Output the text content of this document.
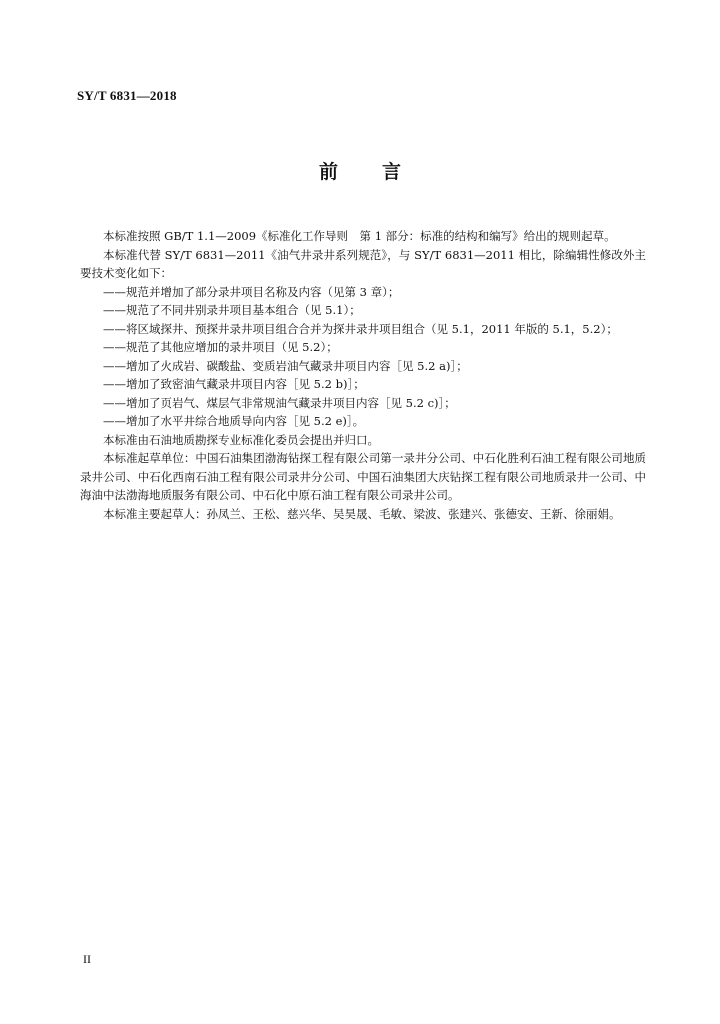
SY/T 6831—2018
前言

本标准按照 GB/T 1.1—2009《标准化工作导则　第 1 部分：标准的结构和编写》给出的规则起草。

本标准代替 SY/T 6831—2011《油气井录井系列规范》，与 SY/T 6831—2011 相比，除编辑性修改外主要技术变化如下：

——规范并增加了部分录井项目名称及内容（见第 3 章）；

——规范了不同井别录井项目基本组合（见 5.1）；

——将区域探井、预探井录井项目组合合并为探井录井项目组合（见 5.1，2011 年版的 5.1，5.2）；

——规范了其他应增加的录井项目（见 5.2）；

——增加了火成岩、碳酸盐、变质岩油气藏录井项目内容［见 5.2 a)］；

——增加了致密油气藏录井项目内容［见 5.2 b)］；

——增加了页岩气、煤层气非常规油气藏录井项目内容［见 5.2 c)］；

——增加了水平井综合地质导向内容［见 5.2 e)］。

本标准由石油地质勘探专业标准化委员会提出并归口。

本标准起草单位：中国石油集团渤海钻探工程有限公司第一录井分公司、中石化胜利石油工程有限公司地质录井公司、中石化西南石油工程有限公司录井分公司、中国石油集团大庆钻探工程有限公司地质录井一公司、中海油中法渤海地质服务有限公司、中石化中原石油工程有限公司录井公司。

本标准主要起草人：孙凤兰、王松、慈兴华、吴昊晟、毛敏、梁波、张建兴、张德安、王新、徐丽娟。

II
